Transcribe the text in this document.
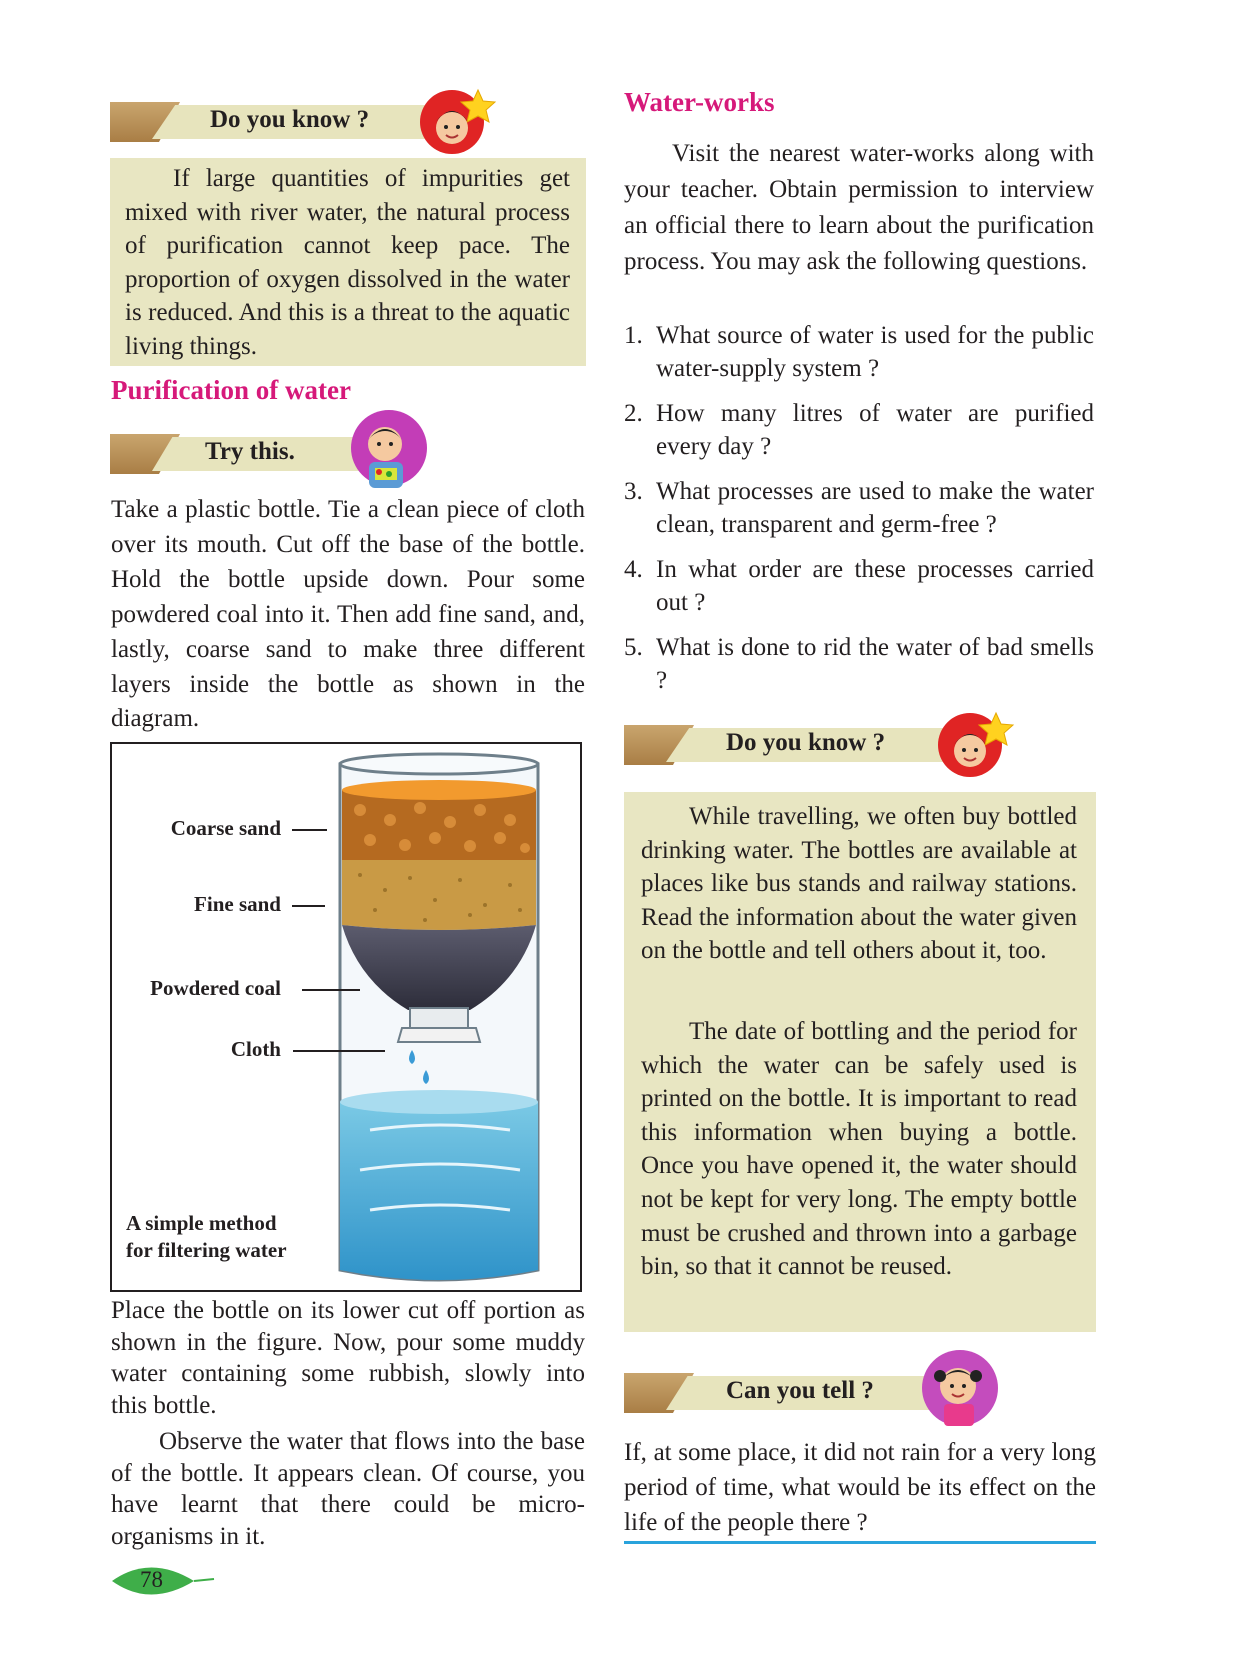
Do you know ?

If large quantities of impurities get mixed with river water, the natural process of purification cannot keep pace. The proportion of oxygen dissolved in the water is reduced. And this is a threat to the aquatic living things.

Purification of water
Try this.

Take a plastic bottle. Tie a clean piece of cloth over its mouth. Cut off the base of the bottle. Hold the bottle upside down. Pour some powdered coal into it. Then add fine sand, and, lastly, coarse sand to make three different layers inside the bottle as shown in the diagram.

Coarse sand
Fine sand
Powdered coal
Cloth
A simple method
for filtering water

Place the bottle on its lower cut off portion as shown in the figure. Now, pour some muddy water containing some rubbish, slowly into this bottle.

Observe the water that flows into the base of the bottle. It appears clean. Of course, you have learnt that there could be micro-organisms in it.

78
Water-works

Visit the nearest water-works along with your teacher. Obtain permission to interview an official there to learn about the purification process. You may ask the following questions.

1. What source of water is used for the public water-supply system ?
2. How many litres of water are purified every day ?
3. What processes are used to make the water clean, transparent and germ-free ?
4. In what order are these processes carried out ?
5. What is done to rid the water of bad smells ?
Do you know ?

While travelling, we often buy bottled drinking water. The bottles are available at places like bus stands and railway stations. Read the information about the water given on the bottle and tell others about it, too.

The date of bottling and the period for which the water can be safely used is printed on the bottle. It is important to read this information when buying a bottle. Once you have opened it, the water should not be kept for very long. The empty bottle must be crushed and thrown into a garbage bin, so that it cannot be reused.

Can you tell ?

If, at some place, it did not rain for a very long period of time, what would be its effect on the life of the people there ?
